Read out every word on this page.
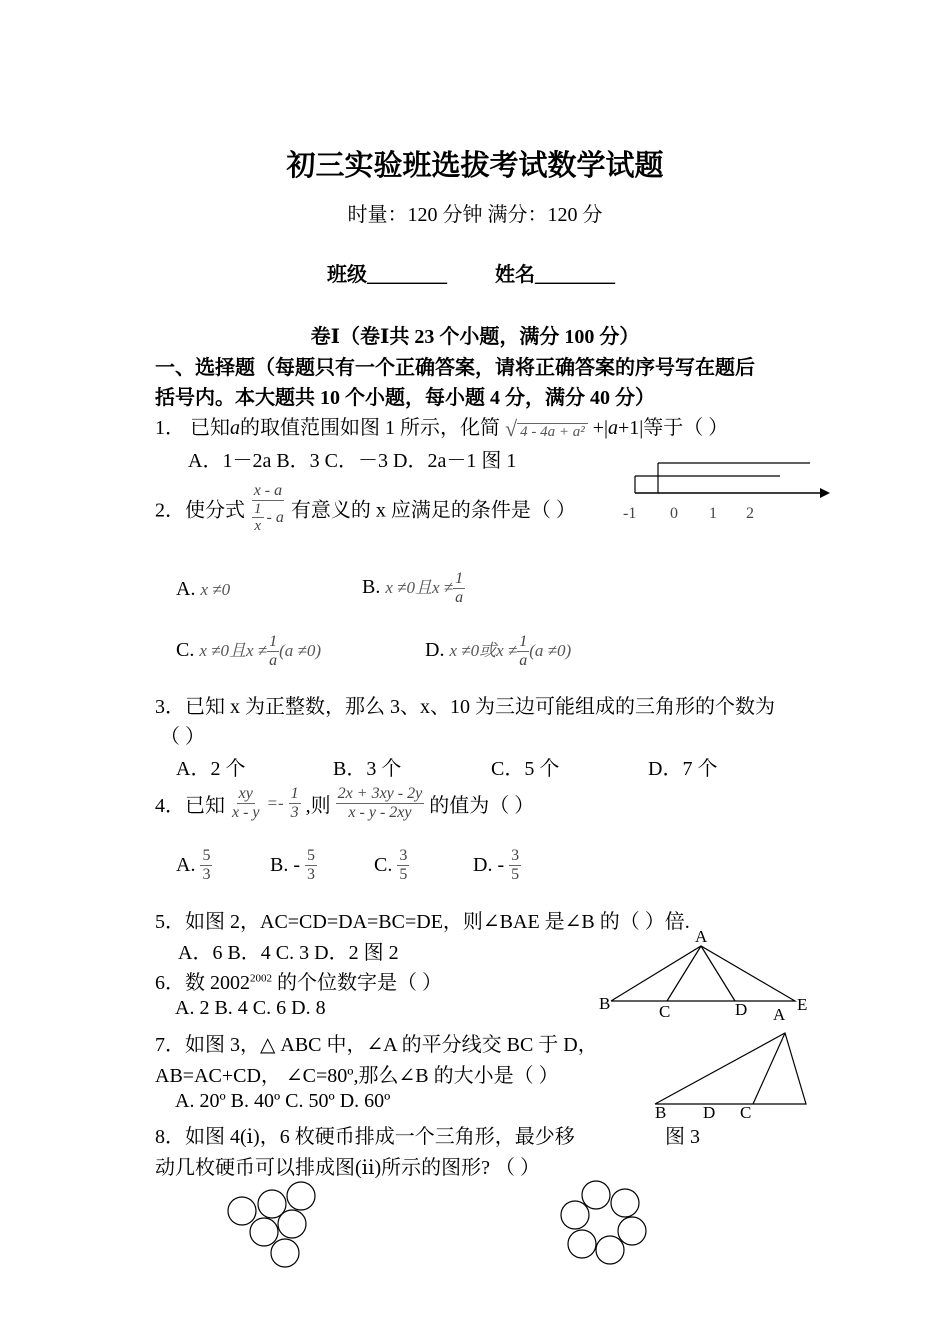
初三实验班选拔考试数学试题
时量：120 分钟 满分：120 分
班级________ 姓名________
卷Ⅰ（卷Ⅰ共 23 个小题，满分 100 分）
一、选择题（每题只有一个正确答案，请将正确答案的序号写在题后
括号内。本大题共 10 个小题，每小题 4 分，满分 40 分）
1． 已知a的取值范围如图 1 所示，化简 √ 4 - 4a + a² +|a+1|等于（ ）
A．1－2a B．3 C．－3 D．2a－1 图 1
-1 0 1 2
2．使分式 $\frac{x - a}{\frac{1}{x} - a}$ 有意义的 x 应满足的条件是（ ）
A. x ≠0	B. x ≠0且$x \ne \frac{1}{a}$
C. x ≠0且$x \ne \frac{1}{a} (a \ne 0)$	D. x ≠0或$x \ne \frac{1}{a} (a \ne 0)$
3．已知 x 为正整数，那么 3、x、10 为三边可能组成的三角形的个数为
（ ）
A．2 个	B．3 个	C．5 个	D．7 个
4．已知 $\frac{xy}{x - y} =- \frac{1}{3}$ ,则 $\frac{2x + 3xy - 2y}{x - y - 2xy}$ 的值为（ ）
A. $\frac{5}{3}$	B. - $\frac{5}{3}$	C. $\frac{3}{5}$	D. - $\frac{3}{5}$
5．如图 2，AC=CD=DA=BC=DE，则∠BAE 是∠B 的（ ）倍.
A．6 B．4 C. 3 D．2 图 2
A
B	C	D	E
6．数 $2002^{2002}$ 的个位数字是（ ）
A. 2 B. 4 C. 6 D. 8
7．如图 3，△ ABC 中，∠A 的平分线交 BC 于 D，
AB=AC+CD， ∠C=80º,那么∠B 的大小是（ ）
A. 20º B. 40º C. 50º D. 60º
A
B D C
图 3
8．如图 4(ⅰ)，6 枚硬币排成一个三角形，最少移
动几枚硬币可以排成图(ⅱ)所示的图形? （ ）
